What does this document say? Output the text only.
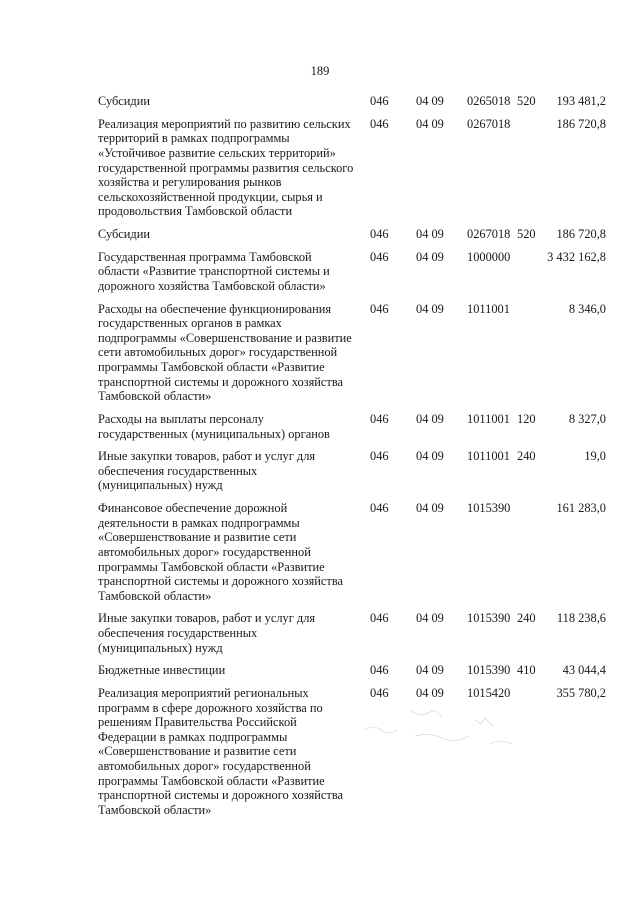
189
Субсидии	046	04 09	0265018	520	193 481,2
Реализация мероприятий по развитию сельских территорий в рамках подпрограммы «Устойчивое развитие сельских территорий» государственной программы развития сельского хозяйства и регулирования рынков сельскохозяйственной продукции, сырья и продовольствия Тамбовской области	046	04 09	0267018		186 720,8
Субсидии	046	04 09	0267018	520	186 720,8
Государственная программа Тамбовской области «Развитие транспортной системы и дорожного хозяйства Тамбовской области»	046	04 09	1000000		3 432 162,8
Расходы на обеспечение функционирования государственных органов в рамках подпрограммы «Совершенствование и развитие сети автомобильных дорог» государственной программы Тамбовской области «Развитие транспортной системы и дорожного хозяйства Тамбовской области»	046	04 09	1011001		8 346,0
Расходы на выплаты персоналу государственных (муниципальных) органов	046	04 09	1011001	120	8 327,0
Иные закупки товаров, работ и услуг для обеспечения государственных (муниципальных) нужд	046	04 09	1011001	240	19,0
Финансовое обеспечение дорожной деятельности в рамках подпрограммы «Совершенствование и развитие сети автомобильных дорог» государственной программы Тамбовской области «Развитие транспортной системы и дорожного хозяйства Тамбовской области»	046	04 09	1015390		161 283,0
Иные закупки товаров, работ и услуг для обеспечения государственных (муниципальных) нужд	046	04 09	1015390	240	118 238,6
Бюджетные инвестиции	046	04 09	1015390	410	43 044,4
Реализация мероприятий региональных программ в сфере дорожного хозяйства по решениям Правительства Российской Федерации в рамках подпрограммы «Совершенствование и развитие сети автомобильных дорог» государственной программы Тамбовской области «Развитие транспортной системы и дорожного хозяйства Тамбовской области»	046	04 09	1015420		355 780,2
